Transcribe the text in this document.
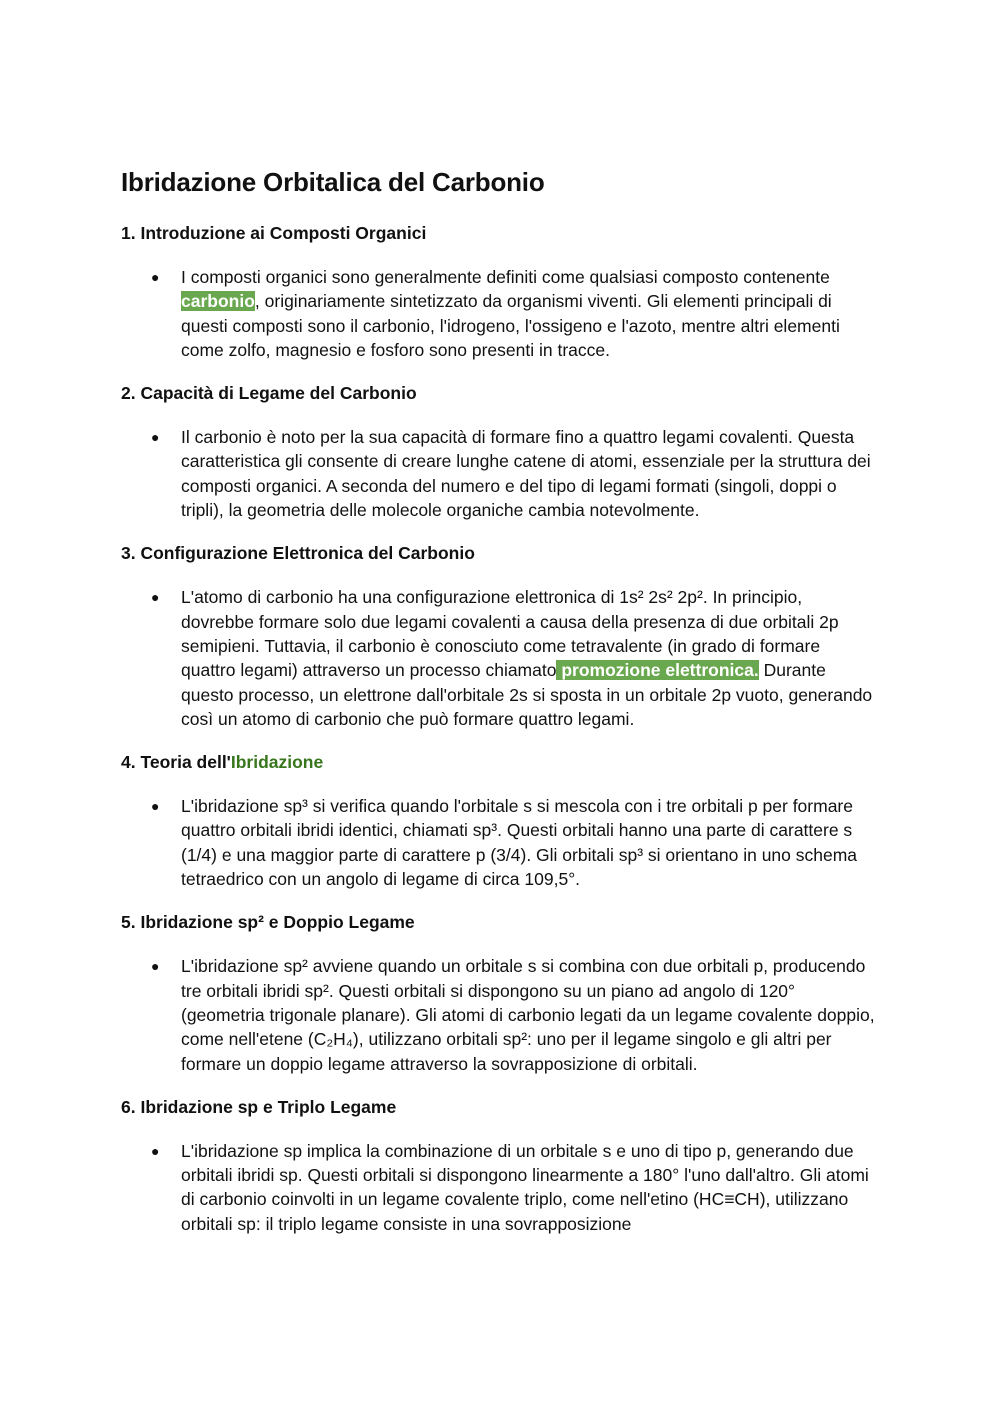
Ibridazione Orbitalica del Carbonio
1. Introduzione ai Composti Organici
● I composti organici sono generalmente definiti come qualsiasi composto contenente carbonio, originariamente sintetizzato da organismi viventi. Gli elementi principali di questi composti sono il carbonio, l'idrogeno, l'ossigeno e l'azoto, mentre altri elementi come zolfo, magnesio e fosforo sono presenti in tracce.
2. Capacità di Legame del Carbonio
● Il carbonio è noto per la sua capacità di formare fino a quattro legami covalenti. Questa caratteristica gli consente di creare lunghe catene di atomi, essenziale per la struttura dei composti organici. A seconda del numero e del tipo di legami formati (singoli, doppi o tripli), la geometria delle molecole organiche cambia notevolmente.
3. Configurazione Elettronica del Carbonio
● L'atomo di carbonio ha una configurazione elettronica di 1s² 2s² 2p². In principio, dovrebbe formare solo due legami covalenti a causa della presenza di due orbitali 2p semipieni. Tuttavia, il carbonio è conosciuto come tetravalente (in grado di formare quattro legami) attraverso un processo chiamato promozione elettronica. Durante questo processo, un elettrone dall'orbitale 2s si sposta in un orbitale 2p vuoto, generando così un atomo di carbonio che può formare quattro legami.
4. Teoria dell'Ibridazione
● L'ibridazione sp³ si verifica quando l'orbitale s si mescola con i tre orbitali p per formare quattro orbitali ibridi identici, chiamati sp³. Questi orbitali hanno una parte di carattere s (1/4) e una maggior parte di carattere p (3/4). Gli orbitali sp³ si orientano in uno schema tetraedrico con un angolo di legame di circa 109,5°.
5. Ibridazione sp² e Doppio Legame
● L'ibridazione sp² avviene quando un orbitale s si combina con due orbitali p, producendo tre orbitali ibridi sp². Questi orbitali si dispongono su un piano ad angolo di 120° (geometria trigonale planare). Gli atomi di carbonio legati da un legame covalente doppio, come nell'etene (C₂H₄), utilizzano orbitali sp²: uno per il legame singolo e gli altri per formare un doppio legame attraverso la sovrapposizione di orbitali.
6. Ibridazione sp e Triplo Legame
● L'ibridazione sp implica la combinazione di un orbitale s e uno di tipo p, generando due orbitali ibridi sp. Questi orbitali si dispongono linearmente a 180° l'uno dall'altro. Gli atomi di carbonio coinvolti in un legame covalente triplo, come nell'etino (HC≡CH), utilizzano orbitali sp: il triplo legame consiste in una sovrapposizione
